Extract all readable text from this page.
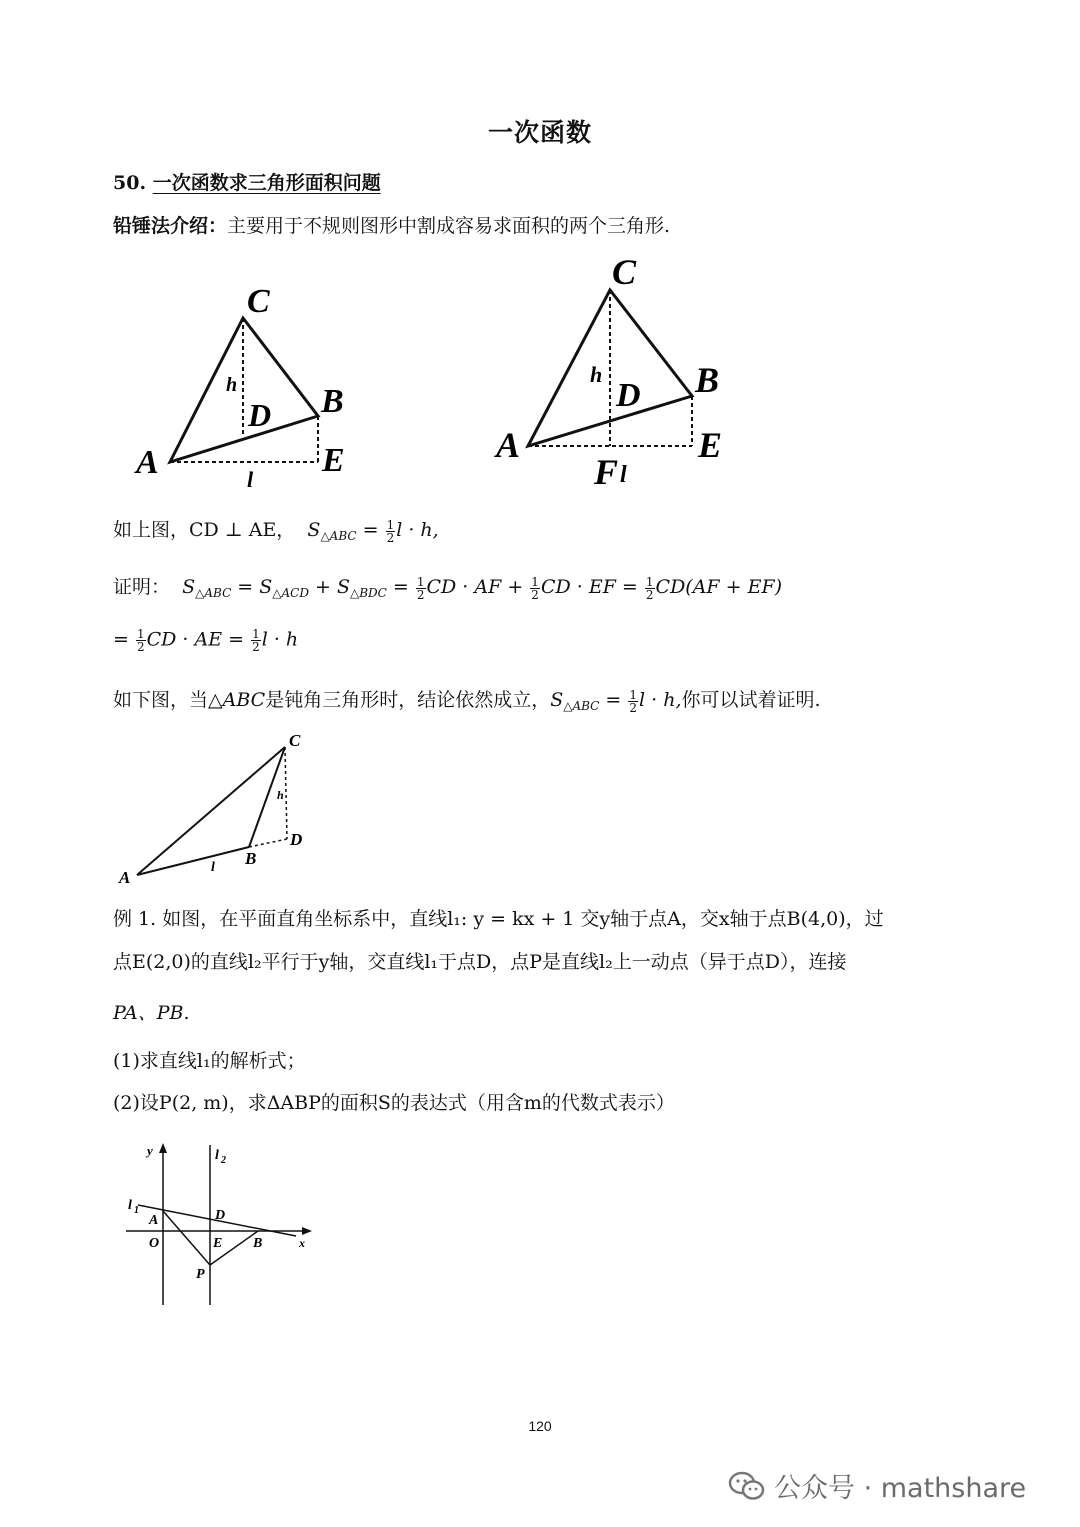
一次函数
50. 一次函数求三角形面积问题
铅锤法介绍：主要用于不规则图形中割成容易求面积的两个三角形.
C
h
D B
A	E
l
C
h
D B
A	E
F l
如上图，CD ⊥ AE， $S_{\triangle ABC} = \frac{1}{2}$ l · h,
证明： $S_{\triangle ABC} = S_{\triangle ACD} + S_{\triangle BDC} = \frac{1}{2}$ CD · AF + $\frac{1}{2}$ CD · EF = $\frac{1}{2} CD(AF + EF)$
= $\frac{1}{2}$ CD · AE = $\frac{1}{2}$ l · h
如下图，当△ABC是钝角三角形时，结论依然成立，$S_{\triangle ABC} = \frac{1}{2}$ l · h,你可以试着证明.
C
h
D
B
A
l
例 1. 如图，在平面直角坐标系中，直线l₁: y = kx + 1 交y轴于点A，交x轴于点B(4,0)，过
点E(2,0)的直线l₂平行于y轴，交直线l₁于点D，点P是直线l₂上一动点（异于点D），连接
PA、PB.
(1)求直线l₁的解析式；
(2)设P(2, m)，求ΔABP的面积S的表达式（用含m的代数式表示）
y	l 2
l 1
A	D
O	E B	x
P
120
公众号 · mathshare
